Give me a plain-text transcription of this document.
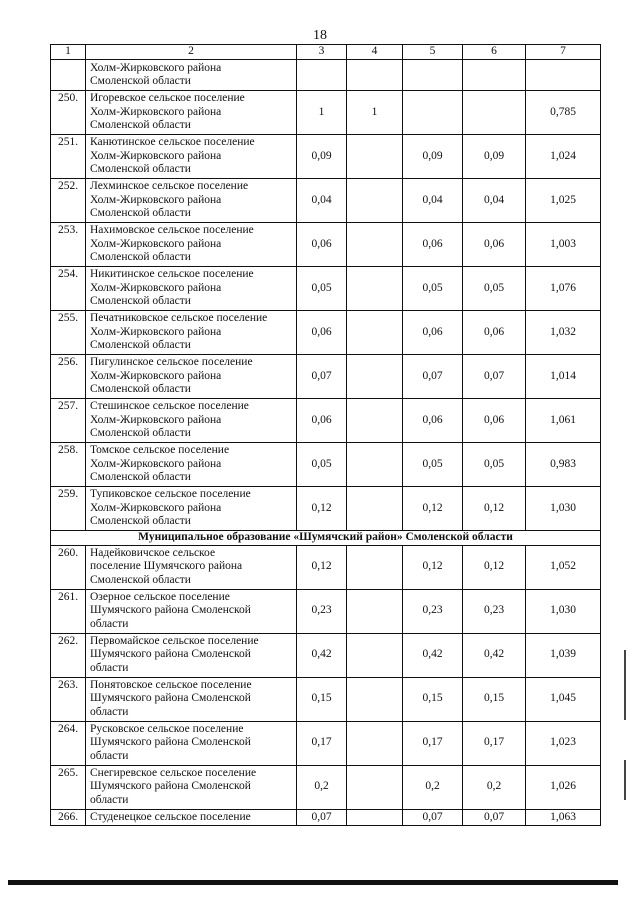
18
1	2	3	4	5	6	7

	Холм-Жирковского района
Смоленской области					

250.	Игоревское сельское поселение
Холм-Жирковского района
Смоленской области	1	1			0,785
251.	Канютинское сельское поселение
Холм-Жирковского района
Смоленской области	0,09		0,09	0,09	1,024
252.	Лехминское сельское поселение
Холм-Жирковского района
Смоленской области	0,04		0,04	0,04	1,025
253.	Нахимовское сельское поселение
Холм-Жирковского района
Смоленской области	0,06		0,06	0,06	1,003
254.	Никитинское сельское поселение
Холм-Жирковского района
Смоленской области	0,05		0,05	0,05	1,076
255.	Печатниковское сельское поселение
Холм-Жирковского района
Смоленской области	0,06		0,06	0,06	1,032
256.	Пигулинское сельское поселение
Холм-Жирковского района
Смоленской области	0,07		0,07	0,07	1,014
257.	Стешинское сельское поселение
Холм-Жирковского района
Смоленской области	0,06		0,06	0,06	1,061
258.	Томское сельское поселение
Холм-Жирковского района
Смоленской области	0,05		0,05	0,05	0,983
259.	Тупиковское сельское поселение
Холм-Жирковского района
Смоленской области	0,12		0,12	0,12	1,030
Муниципальное образование «Шумячский район» Смоленской области						
260.	Надейковичское сельское
поселение Шумячского района
Смоленской области	0,12		0,12	0,12	1,052
261.	Озерное сельское поселение
Шумячского района Смоленской
области	0,23		0,23	0,23	1,030
262.	Первомайское сельское поселение
Шумячского района Смоленской
области	0,42		0,42	0,42	1,039
263.	Понятовское сельское поселение
Шумячского района Смоленской
области	0,15		0,15	0,15	1,045
264.	Русковское сельское поселение
Шумячского района Смоленской
области	0,17		0,17	0,17	1,023
265.	Снегиревское сельское поселение
Шумячского района Смоленской
области	0,2		0,2	0,2	1,026
266.	Студенецкое сельское поселение	0,07		0,07	0,07	1,063
